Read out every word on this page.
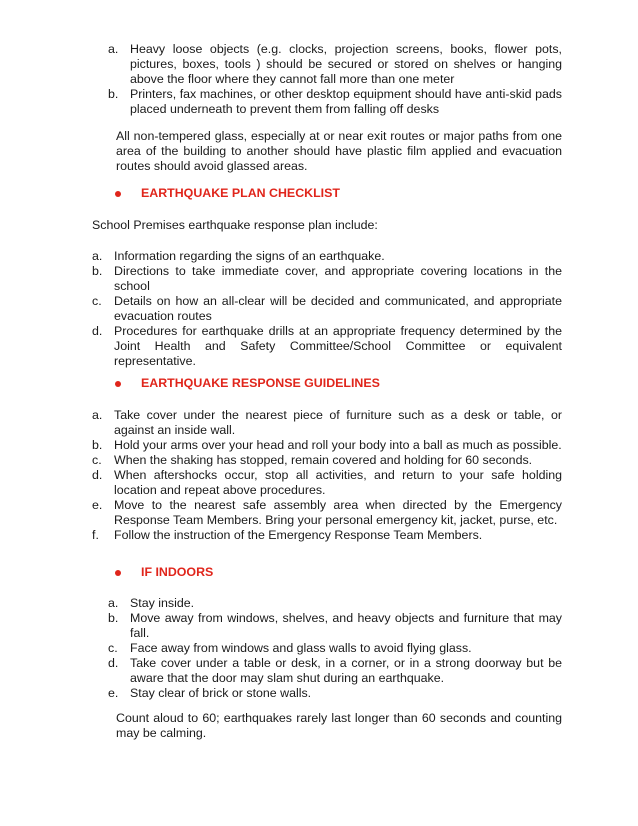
a. Heavy loose objects (e.g. clocks, projection screens, books, flower pots, pictures, boxes, tools ) should be secured or stored on shelves or hanging above the floor where they cannot fall more than one meter
b. Printers, fax machines, or other desktop equipment should have anti-skid pads placed underneath to prevent them from falling off desks

All non-tempered glass, especially at or near exit routes or major paths from one area of the building to another should have plastic film applied and evacuation routes should avoid glassed areas.

EARTHQUAKE PLAN CHECKLIST

School Premises earthquake response plan include:

a. Information regarding the signs of an earthquake.
b. Directions to take immediate cover, and appropriate covering locations in the school
c. Details on how an all-clear will be decided and communicated, and appropriate evacuation routes
d. Procedures for earthquake drills at an appropriate frequency determined by the Joint Health and Safety Committee/School Committee or equivalent representative.
EARTHQUAKE RESPONSE GUIDELINES
a. Take cover under the nearest piece of furniture such as a desk or table, or against an inside wall.
b. Hold your arms over your head and roll your body into a ball as much as possible.
c. When the shaking has stopped, remain covered and holding for 60 seconds.
d. When aftershocks occur, stop all activities, and return to your safe holding location and repeat above procedures.
e. Move to the nearest safe assembly area when directed by the Emergency Response Team Members. Bring your personal emergency kit, jacket, purse, etc.
f.	Follow the instruction of the Emergency Response Team Members.
IF INDOORS
a. Stay inside.
b. Move away from windows, shelves, and heavy objects and furniture that may fall.
c. Face away from windows and glass walls to avoid flying glass.
d. Take cover under a table or desk, in a corner, or in a strong doorway but be aware that the door may slam shut during an earthquake.
e. Stay clear of brick or stone walls.

Count aloud to 60; earthquakes rarely last longer than 60 seconds and counting may be calming.
